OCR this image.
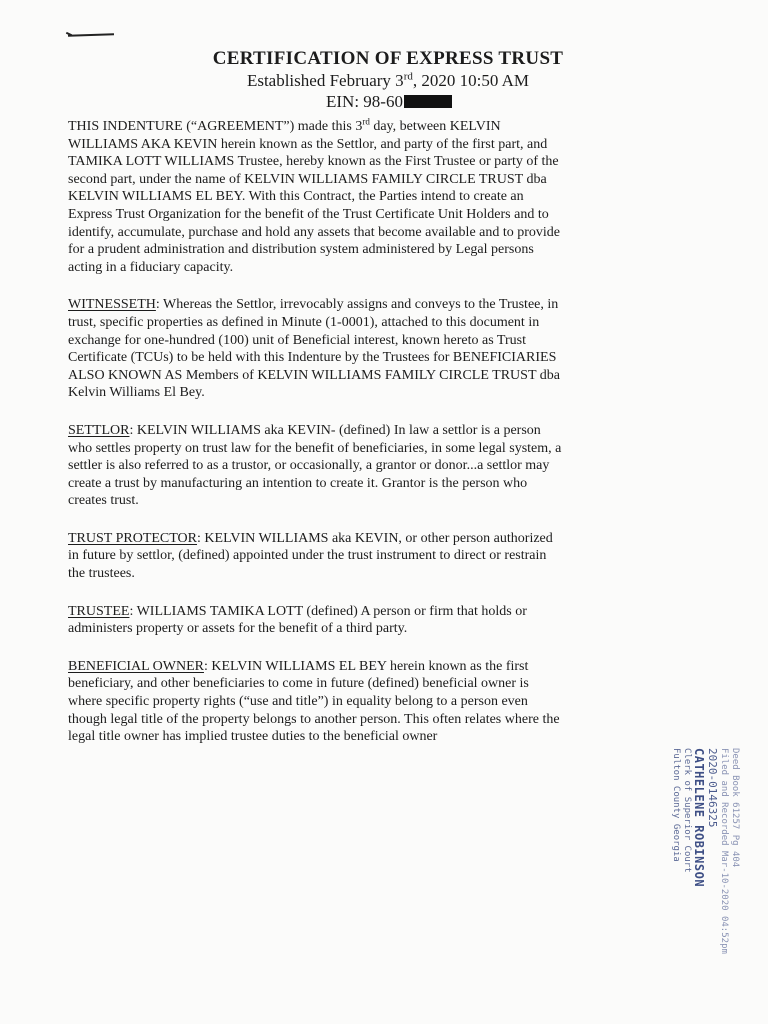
CERTIFICATION OF EXPRESS TRUST
Established February 3rd, 2020 10:50 AM
EIN: 98-60
THIS INDENTURE (“AGREEMENT”) made this 3rd day, between KELVIN
WILLIAMS AKA KEVIN herein known as the Settlor, and party of the first part, and
TAMIKA LOTT WILLIAMS Trustee, hereby known as the First Trustee or party of the
second part, under the name of KELVIN WILLIAMS FAMILY CIRCLE TRUST dba
KELVIN WILLIAMS EL BEY. With this Contract, the Parties intend to create an
Express Trust Organization for the benefit of the Trust Certificate Unit Holders and to
identify, accumulate, purchase and hold any assets that become available and to provide
for a prudent administration and distribution system administered by Legal persons
acting in a fiduciary capacity.
WITNESSETH: Whereas the Settlor, irrevocably assigns and conveys to the Trustee, in
trust, specific properties as defined in Minute (1-0001), attached to this document in
exchange for one-hundred (100) unit of Beneficial interest, known hereto as Trust
Certificate (TCUs) to be held with this Indenture by the Trustees for BENEFICIARIES
ALSO KNOWN AS Members of KELVIN WILLIAMS FAMILY CIRCLE TRUST dba
Kelvin Williams El Bey.
SETTLOR: KELVIN WILLIAMS aka KEVIN- (defined) In law a settlor is a person
who settles property on trust law for the benefit of beneficiaries, in some legal system, a
settler is also referred to as a trustor, or occasionally, a grantor or donor...a settlor may
create a trust by manufacturing an intention to create it. Grantor is the person who
creates trust.
TRUST PROTECTOR: KELVIN WILLIAMS aka KEVIN, or other person authorized
in future by settlor, (defined) appointed under the trust instrument to direct or restrain
the trustees.
TRUSTEE: WILLIAMS TAMIKA LOTT (defined) A person or firm that holds or
administers property or assets for the benefit of a third party.
BENEFICIAL OWNER: KELVIN WILLIAMS EL BEY herein known as the first
beneficiary, and other beneficiaries to come in future (defined) beneficial owner is
where specific property rights (“use and title”) in equality belong to a person even
though legal title of the property belongs to another person. This often relates where the
legal title owner has implied trustee duties to the beneficial owner
Deed Book 61257 Pg 404
Filed and Recorded Mar-10-2020 04:52pm
2020-0146325
CATHELENE ROBINSON
Clerk of Superior Court
Fulton County Georgia
